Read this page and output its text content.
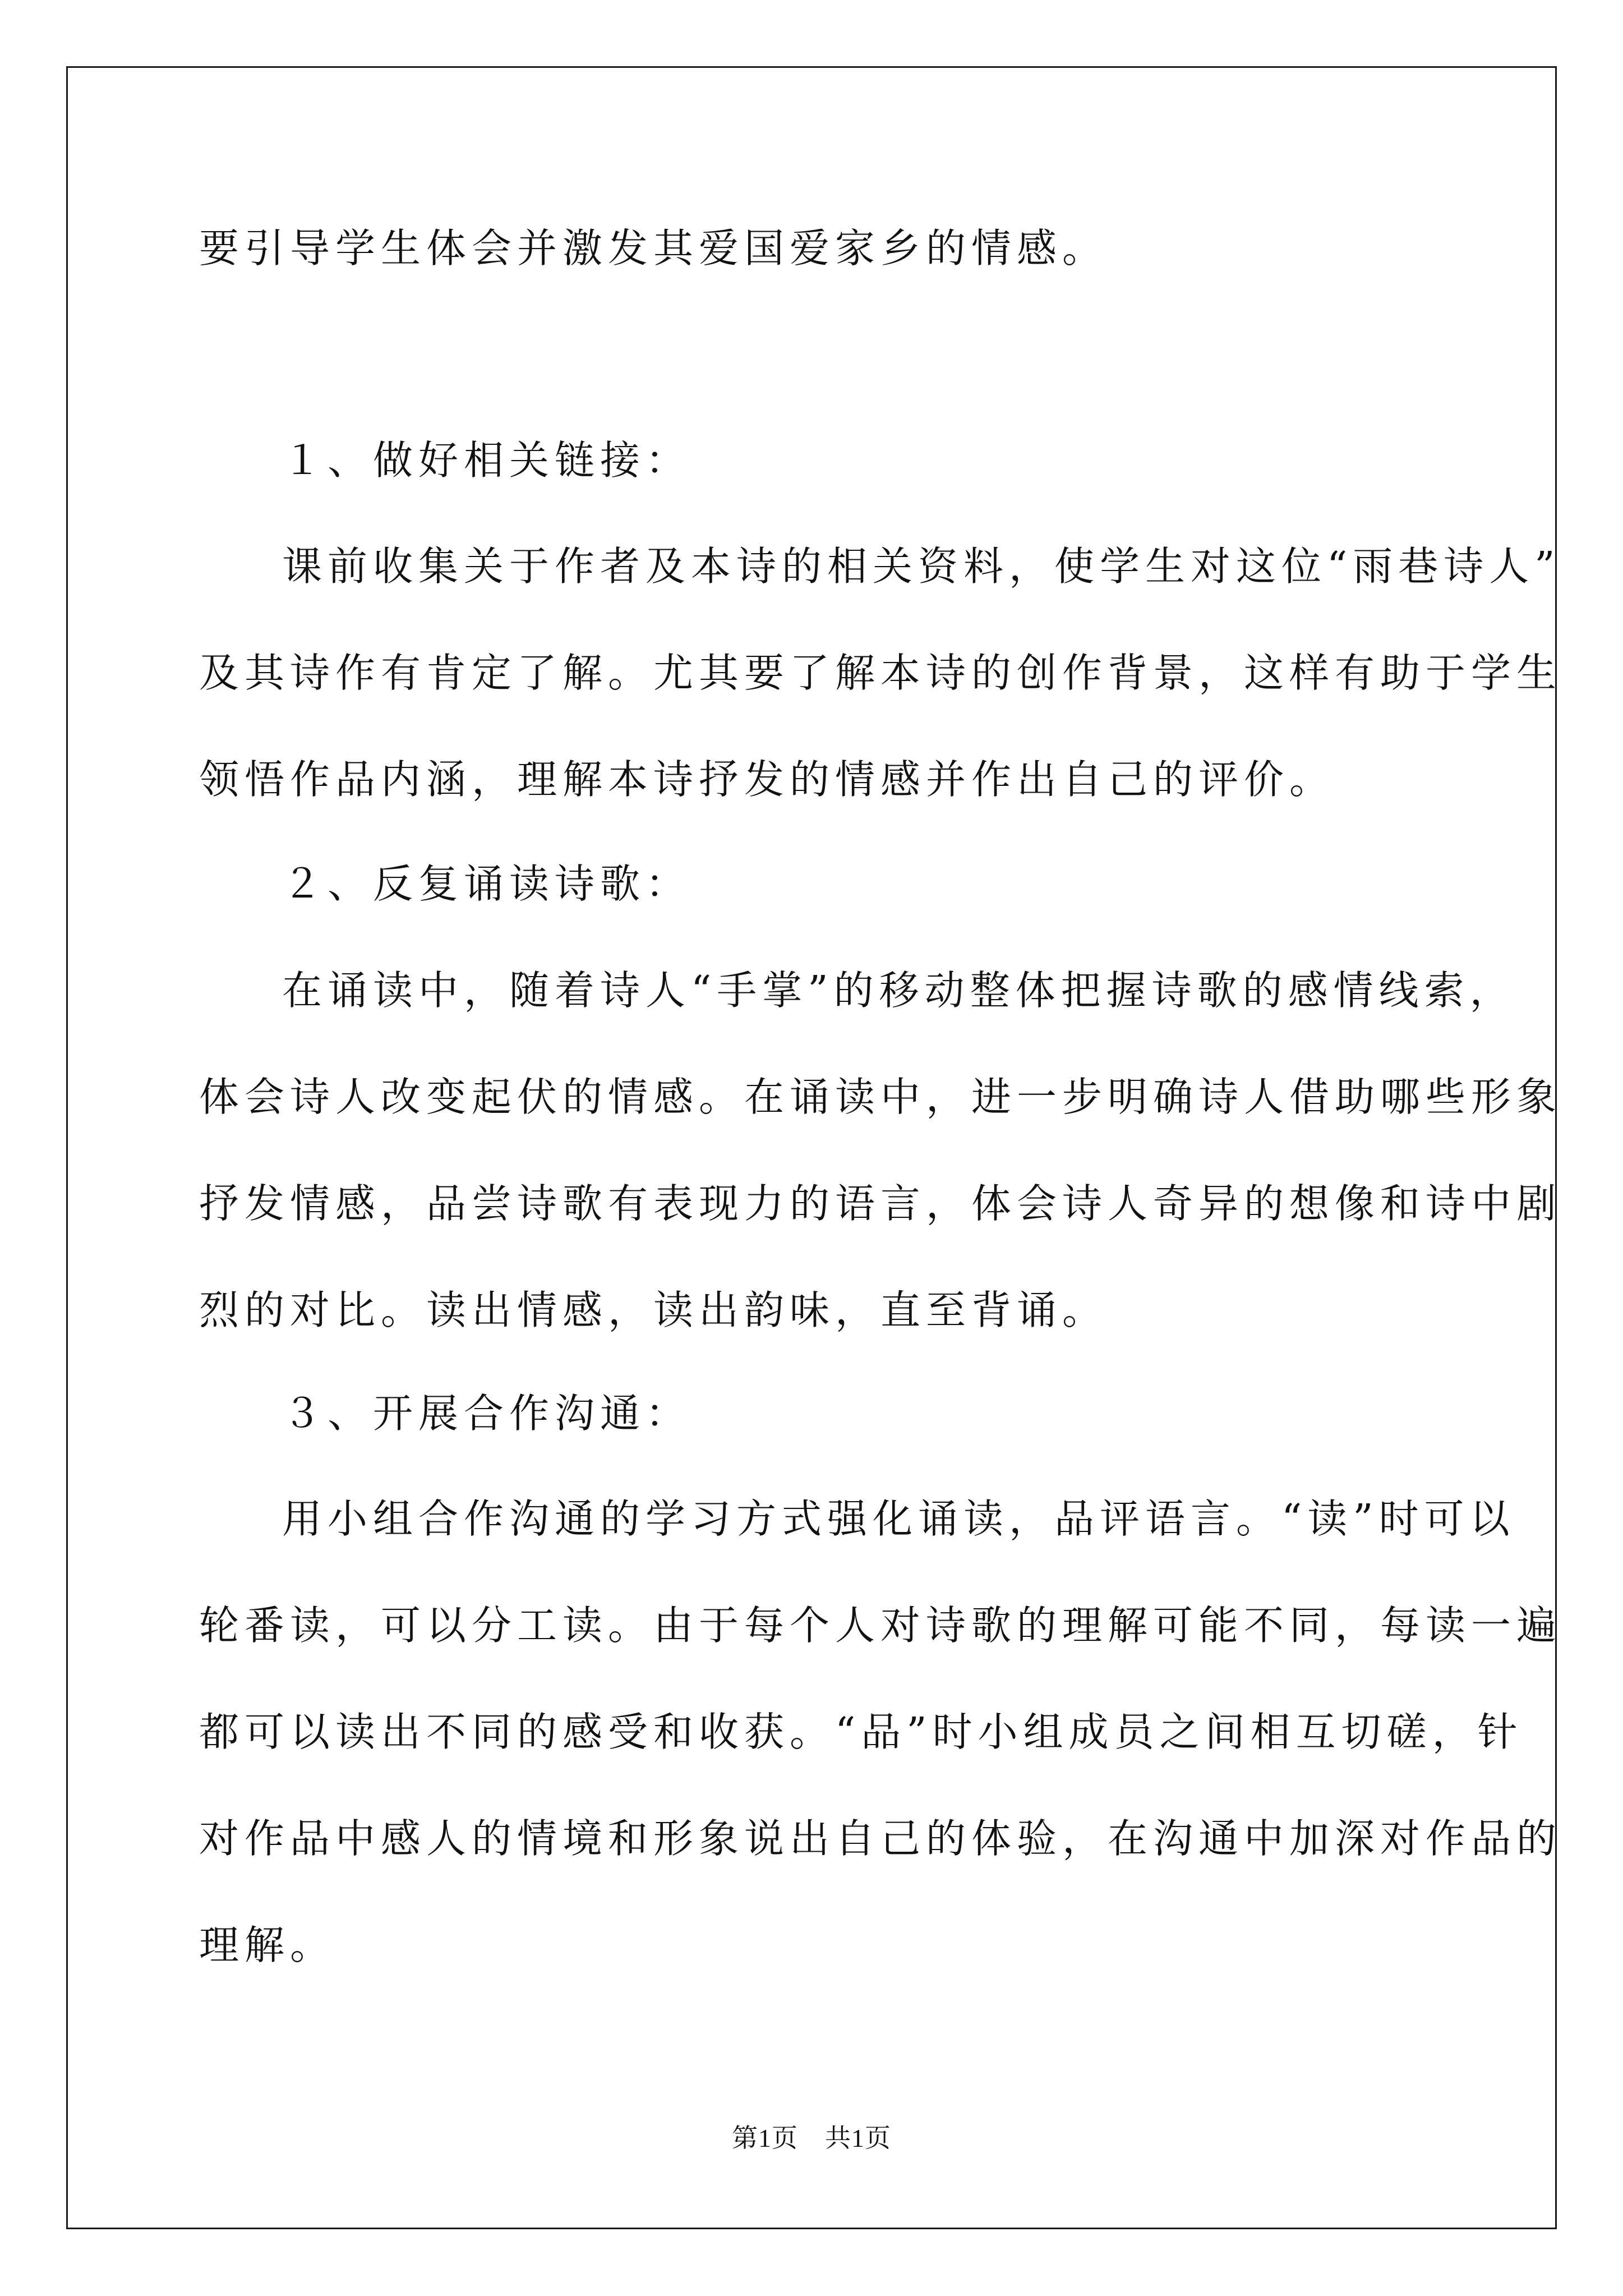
要引导学生体会并激发其爱国爱家乡的情感。
１、做好相关链接：
课前收集关于作者及本诗的相关资料，使学生对这位“雨巷诗人”
及其诗作有肯定了解。尤其要了解本诗的创作背景，这样有助于学生
领悟作品内涵，理解本诗抒发的情感并作出自己的评价。
２、反复诵读诗歌：
在诵读中，随着诗人“手掌”的移动整体把握诗歌的感情线索，
体会诗人改变起伏的情感。在诵读中，进一步明确诗人借助哪些形象
抒发情感，品尝诗歌有表现力的语言，体会诗人奇异的想像和诗中剧
烈的对比。读出情感，读出韵味，直至背诵。
３、开展合作沟通：
用小组合作沟通的学习方式强化诵读，品评语言。“读”时可以
轮番读，可以分工读。由于每个人对诗歌的理解可能不同，每读一遍
都可以读出不同的感受和收获。“品”时小组成员之间相互切磋，针
对作品中感人的情境和形象说出自己的体验，在沟通中加深对作品的
理解。
第1页 共1页
